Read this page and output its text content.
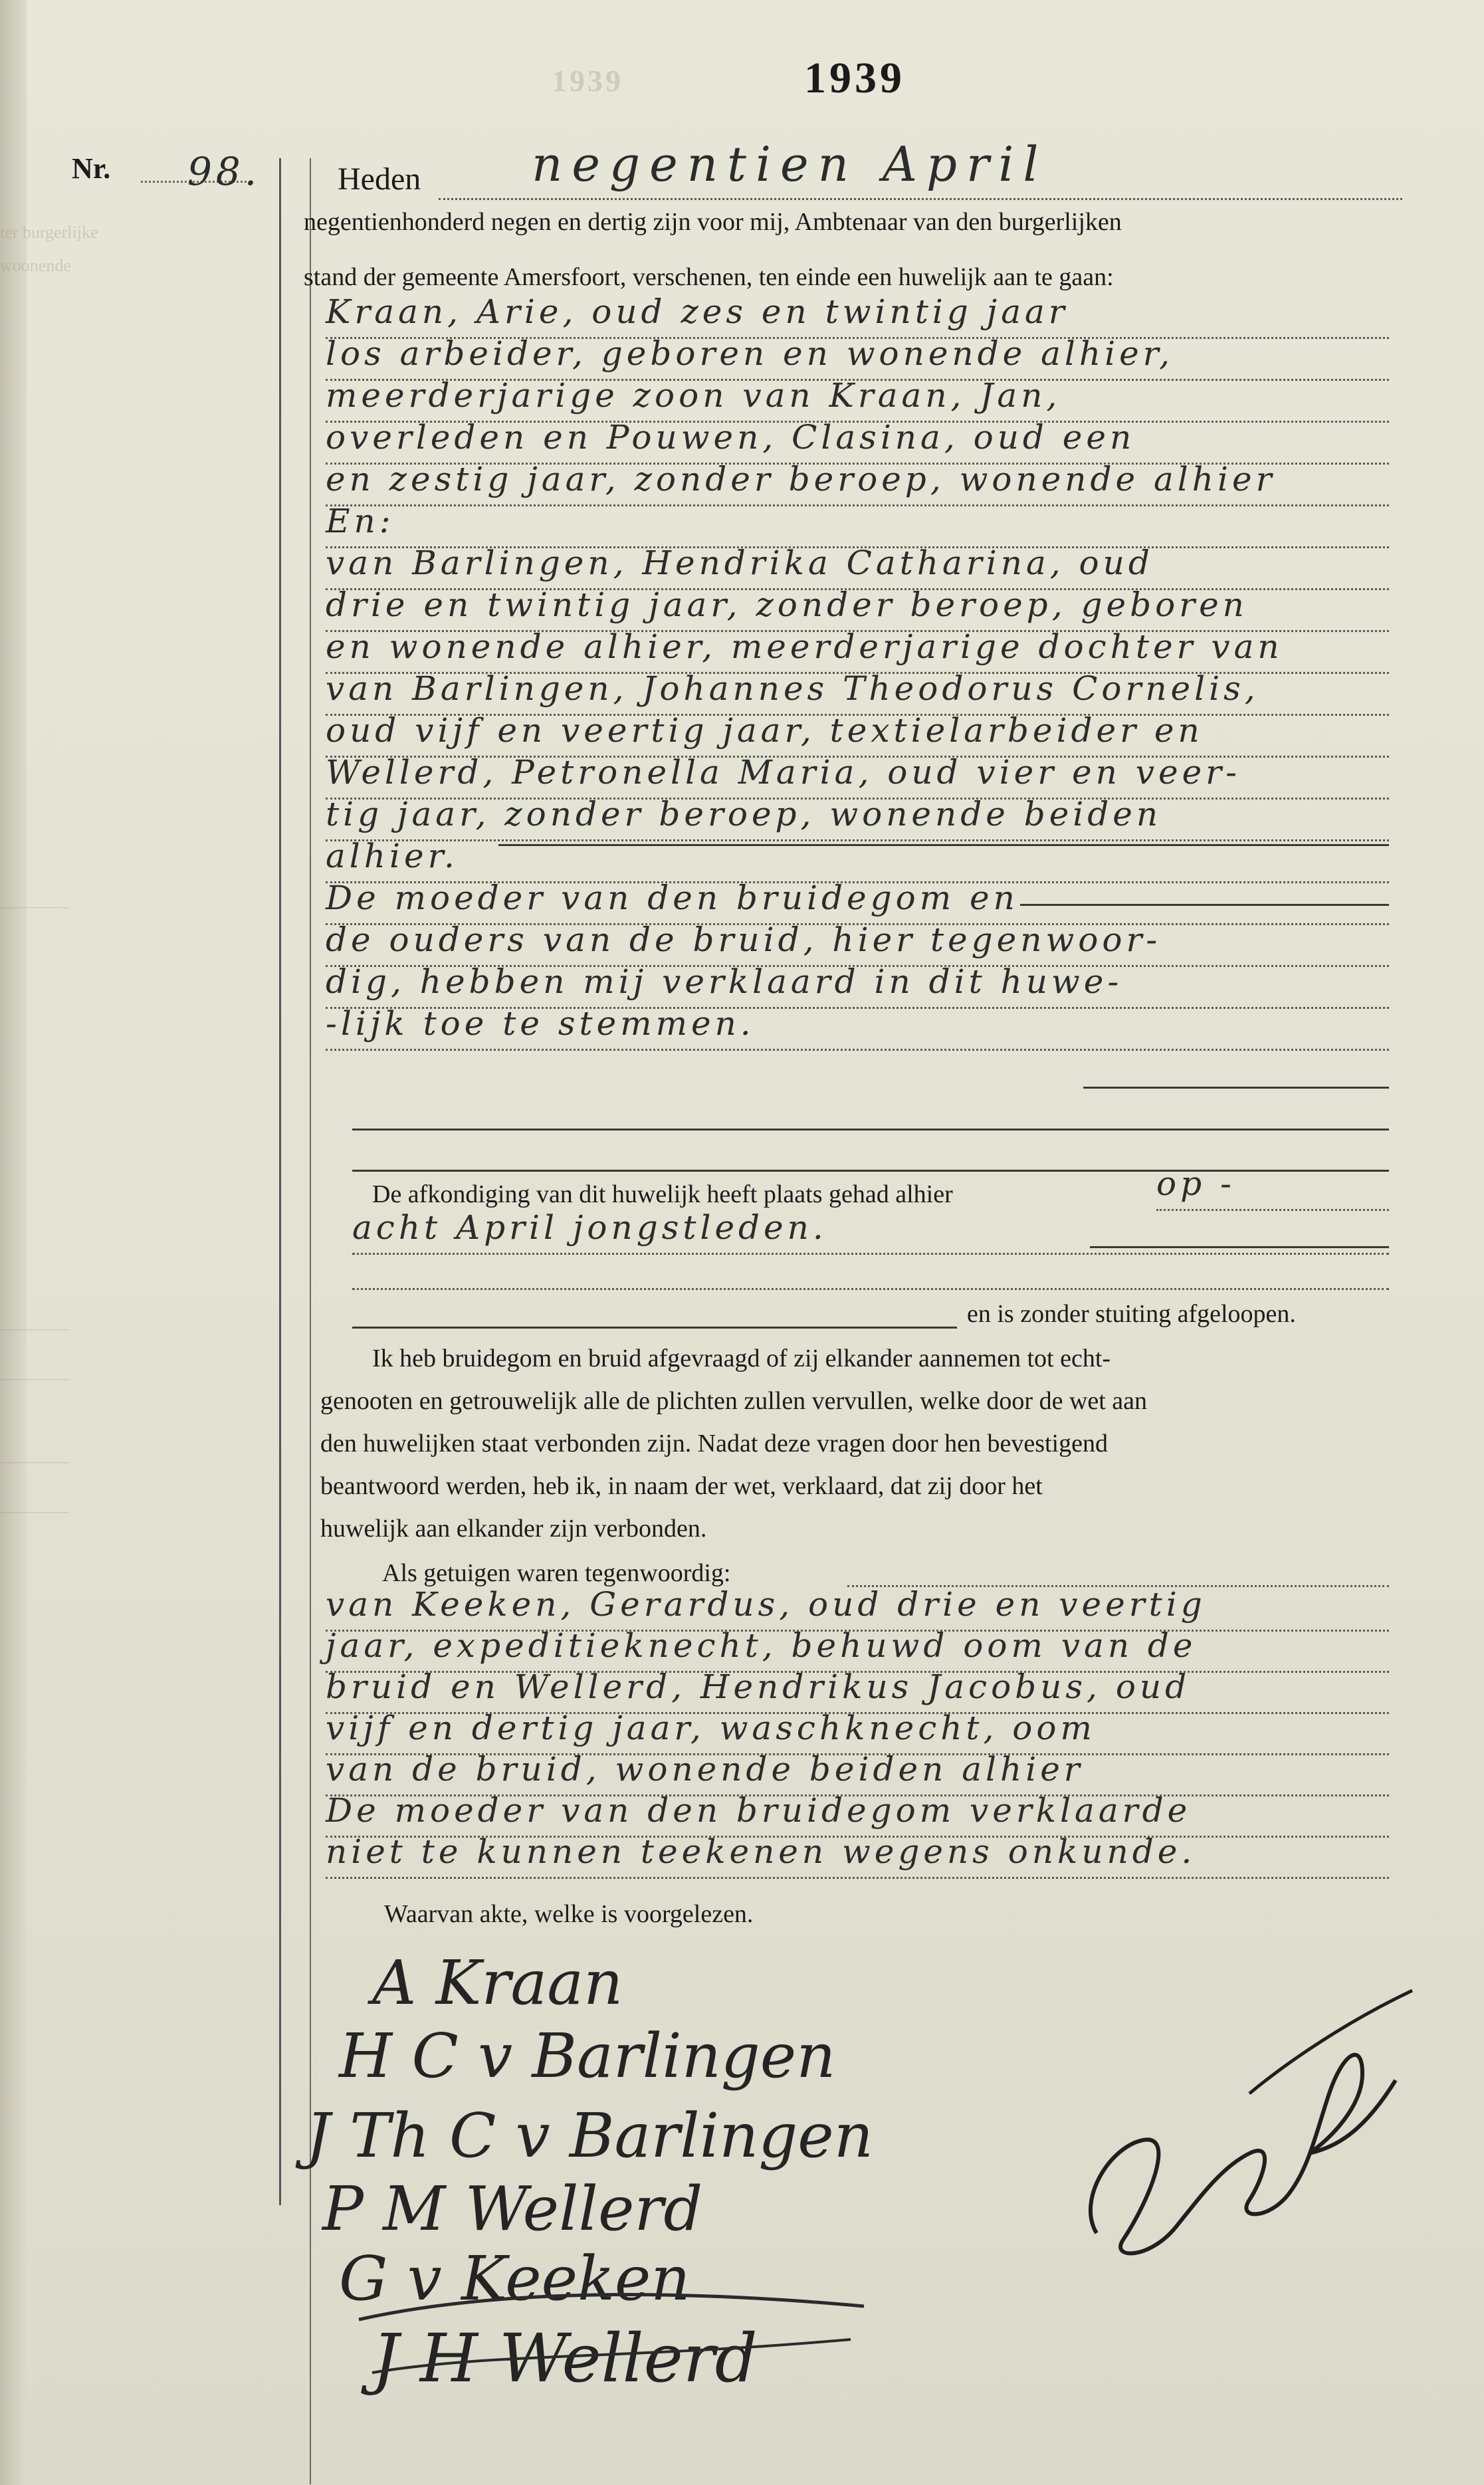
ter burgerlijke
woonende
________
________
________
________
________
1939	1939
Nr. 98. Heden negentien April
negentienhonderd negen en dertig zijn voor mij, Ambtenaar van den burgerlijken
stand der gemeente Amersfoort, verschenen, ten einde een huwelijk aan te gaan:
Kraan, Arie, oud zes en twintig jaar
los arbeider, geboren en wonende alhier,
meerderjarige zoon van Kraan, Jan,
overleden en Pouwen, Clasina, oud een
en zestig jaar, zonder beroep, wonende alhier
En:
van Barlingen, Hendrika Catharina, oud
drie en twintig jaar, zonder beroep, geboren
en wonende alhier, meerderjarige dochter van
van Barlingen, Johannes Theodorus Cornelis,
oud vijf en veertig jaar, textielarbeider en
Wellerd, Petronella Maria, oud vier en veer-
tig jaar, zonder beroep, wonende beiden
alhier.
De moeder van den bruidegom en
de ouders van de bruid, hier tegenwoor-
dig, hebben mij verklaard in dit huwe-
-lijk toe te stemmen.
De afkondiging van dit huwelijk heeft plaats gehad alhier	op -
acht April jongstleden.
en is zonder stuiting afgeloopen.
Ik heb bruidegom en bruid afgevraagd of zij elkander aannemen tot echt-
genooten en getrouwelijk alle de plichten zullen vervullen, welke door de wet aan
den huwelijken staat verbonden zijn. Nadat deze vragen door hen bevestigend
beantwoord werden, heb ik, in naam der wet, verklaard, dat zij door het
huwelijk aan elkander zijn verbonden.
Als getuigen waren tegenwoordig:
van Keeken, Gerardus, oud drie en veertig
jaar, expeditieknecht, behuwd oom van de
bruid en Wellerd, Hendrikus Jacobus, oud
vijf en dertig jaar, waschknecht, oom
van de bruid, wonende beiden alhier
De moeder van den bruidegom verklaarde
niet te kunnen teekenen wegens onkunde.
Waarvan akte, welke is voorgelezen.
A Kraan
H C v Barlingen
J Th C v Barlingen
P M Wellerd
G v Keeken
J H Wellerd
